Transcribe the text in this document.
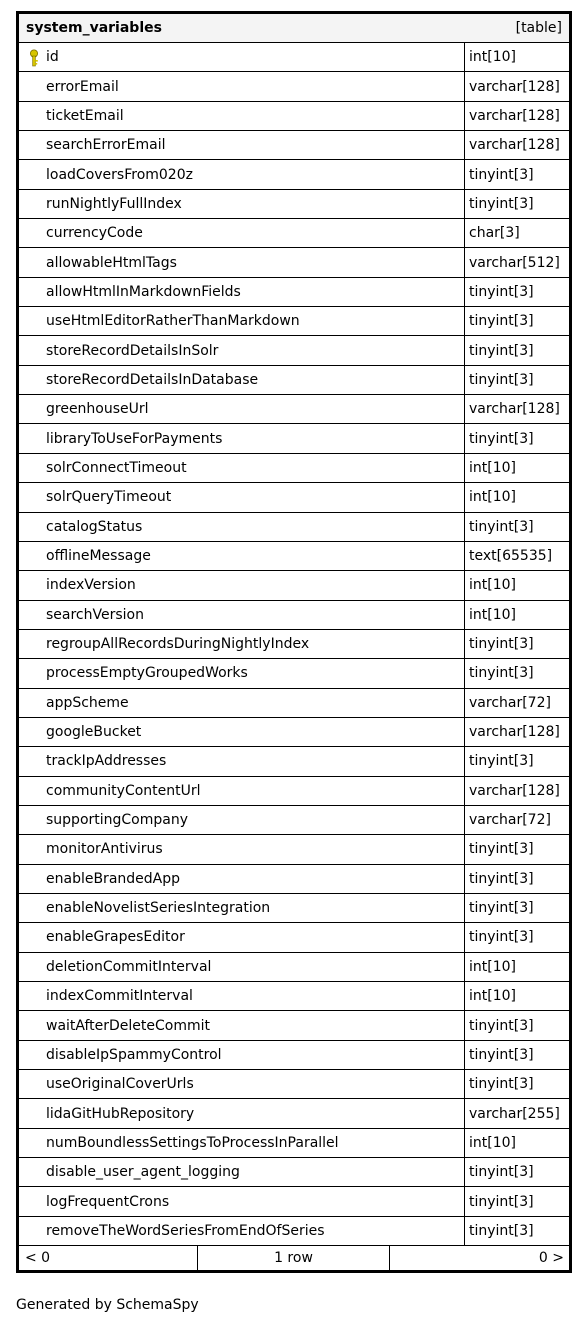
system_variables	[table]
id	int[10]
errorEmail	varchar[128]
ticketEmail	varchar[128]
searchErrorEmail	varchar[128]
loadCoversFrom020z	tinyint[3]
runNightlyFullIndex	tinyint[3]
currencyCode	char[3]
allowableHtmlTags	varchar[512]
allowHtmlInMarkdownFields	tinyint[3]
useHtmlEditorRatherThanMarkdown	tinyint[3]
storeRecordDetailsInSolr	tinyint[3]
storeRecordDetailsInDatabase	tinyint[3]
greenhouseUrl	varchar[128]
libraryToUseForPayments	tinyint[3]
solrConnectTimeout	int[10]
solrQueryTimeout	int[10]
catalogStatus	tinyint[3]
offlineMessage	text[65535]
indexVersion	int[10]
searchVersion	int[10]
regroupAllRecordsDuringNightlyIndex	tinyint[3]
processEmptyGroupedWorks	tinyint[3]
appScheme	varchar[72]
googleBucket	varchar[128]
trackIpAddresses	tinyint[3]
communityContentUrl	varchar[128]
supportingCompany	varchar[72]
monitorAntivirus	tinyint[3]
enableBrandedApp	tinyint[3]
enableNovelistSeriesIntegration	tinyint[3]
enableGrapesEditor	tinyint[3]
deletionCommitInterval	int[10]
indexCommitInterval	int[10]
waitAfterDeleteCommit	tinyint[3]
disableIpSpammyControl	tinyint[3]
useOriginalCoverUrls	tinyint[3]
lidaGitHubRepository	varchar[255]
numBoundlessSettingsToProcessInParallel	int[10]
disable_user_agent_logging	tinyint[3]
logFrequentCrons	tinyint[3]
removeTheWordSeriesFromEndOfSeries	tinyint[3]
< 0	1 row	0 >
Generated by SchemaSpy
